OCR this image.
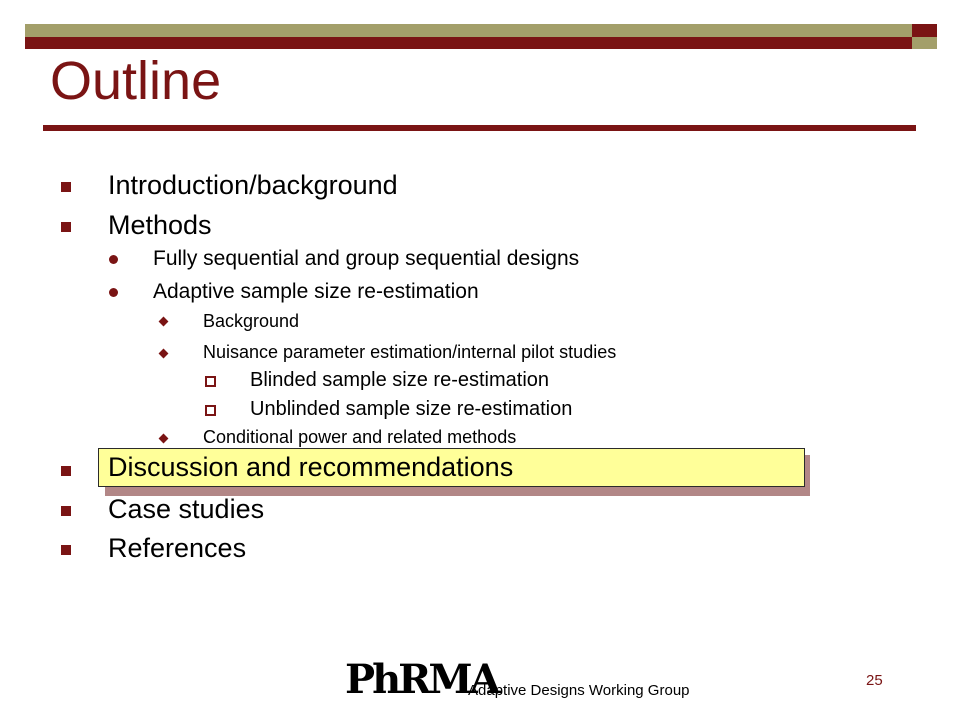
Outline
Introduction/background
Methods
Fully sequential and group sequential designs
Adaptive sample size re-estimation
Background
Nuisance parameter estimation/internal pilot studies
Blinded sample size re-estimation
Unblinded sample size re-estimation
Conditional power and related methods
Discussion and recommendations
Case studies
References
PhRMA
Adaptive Designs Working Group
25
